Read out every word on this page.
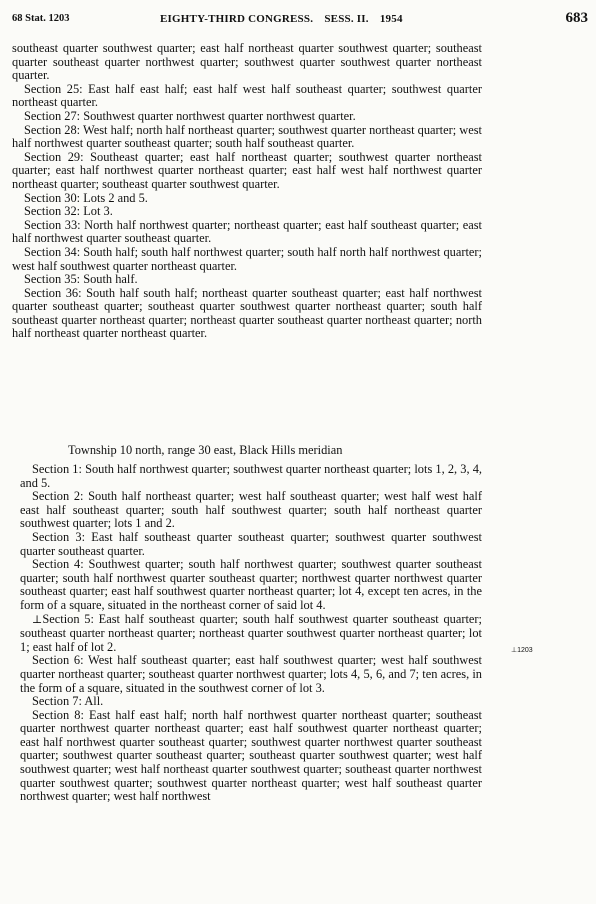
68 Stat. 1203	EIGHTY-THIRD CONGRESS. SESS. II. 1954	683

southeast quarter southwest quarter; east half northeast quarter southwest quarter; southeast quarter southeast quarter northwest quarter; southwest quarter southwest quarter northeast quarter.

Section 25: East half east half; east half west half southeast quarter; southwest quarter northeast quarter.

Section 27: Southwest quarter northwest quarter northwest quarter.

Section 28: West half; north half northeast quarter; southwest quarter northeast quarter; west half northwest quarter southeast quarter; south half southeast quarter.

Section 29: Southeast quarter; east half northeast quarter; southwest quarter northeast quarter; east half northwest quarter northeast quarter; east half west half northwest quarter northeast quarter; southeast quarter southwest quarter.

Section 30: Lots 2 and 5.

Section 32: Lot 3.

Section 33: North half northwest quarter; northeast quarter; east half southeast quarter; east half northwest quarter southeast quarter.

Section 34: South half; south half northwest quarter; south half north half northwest quarter; west half southwest quarter northeast quarter.

Section 35: South half.

Section 36: South half south half; northeast quarter southeast quarter; east half northwest quarter southeast quarter; southeast quarter southwest quarter northeast quarter; south half southeast quarter northeast quarter; northeast quarter southeast quarter northeast quarter; north half northeast quarter northeast quarter.

Township 10 north, range 30 east, Black Hills meridian

Section 1: South half northwest quarter; southwest quarter northeast quarter; lots 1, 2, 3, 4, and 5.

Section 2: South half northeast quarter; west half southeast quarter; west half west half east half southeast quarter; south half southwest quarter; south half northeast quarter southwest quarter; lots 1 and 2.

Section 3: East half southeast quarter southeast quarter; southwest quarter southwest quarter southeast quarter.

Section 4: Southwest quarter; south half northwest quarter; southwest quarter southeast quarter; south half northwest quarter southeast quarter; northwest quarter northwest quarter southeast quarter; east half southwest quarter northeast quarter; lot 4, except ten acres, in the form of a square, situated in the northeast corner of said lot 4.

⊥Section 5: East half southeast quarter; south half southwest quarter southeast quarter; southeast quarter northeast quarter; northeast quarter southwest quarter northeast quarter; lot 1; east half of lot 2.

Section 6: West half southeast quarter; east half southwest quarter; west half southwest quarter northeast quarter; southeast quarter northwest quarter; lots 4, 5, 6, and 7; ten acres, in the form of a square, situated in the southwest corner of lot 3.

Section 7: All.

Section 8: East half east half; north half northwest quarter northeast quarter; southeast quarter northwest quarter northeast quarter; east half southwest quarter northeast quarter; east half northwest quarter southeast quarter; southwest quarter northwest quarter southeast quarter; southwest quarter southeast quarter; southeast quarter southwest quarter; west half southwest quarter; west half northeast quarter southwest quarter; southeast quarter northwest quarter southwest quarter; southwest quarter northeast quarter; west half southeast quarter northwest quarter; west half northwest

⊥1203
